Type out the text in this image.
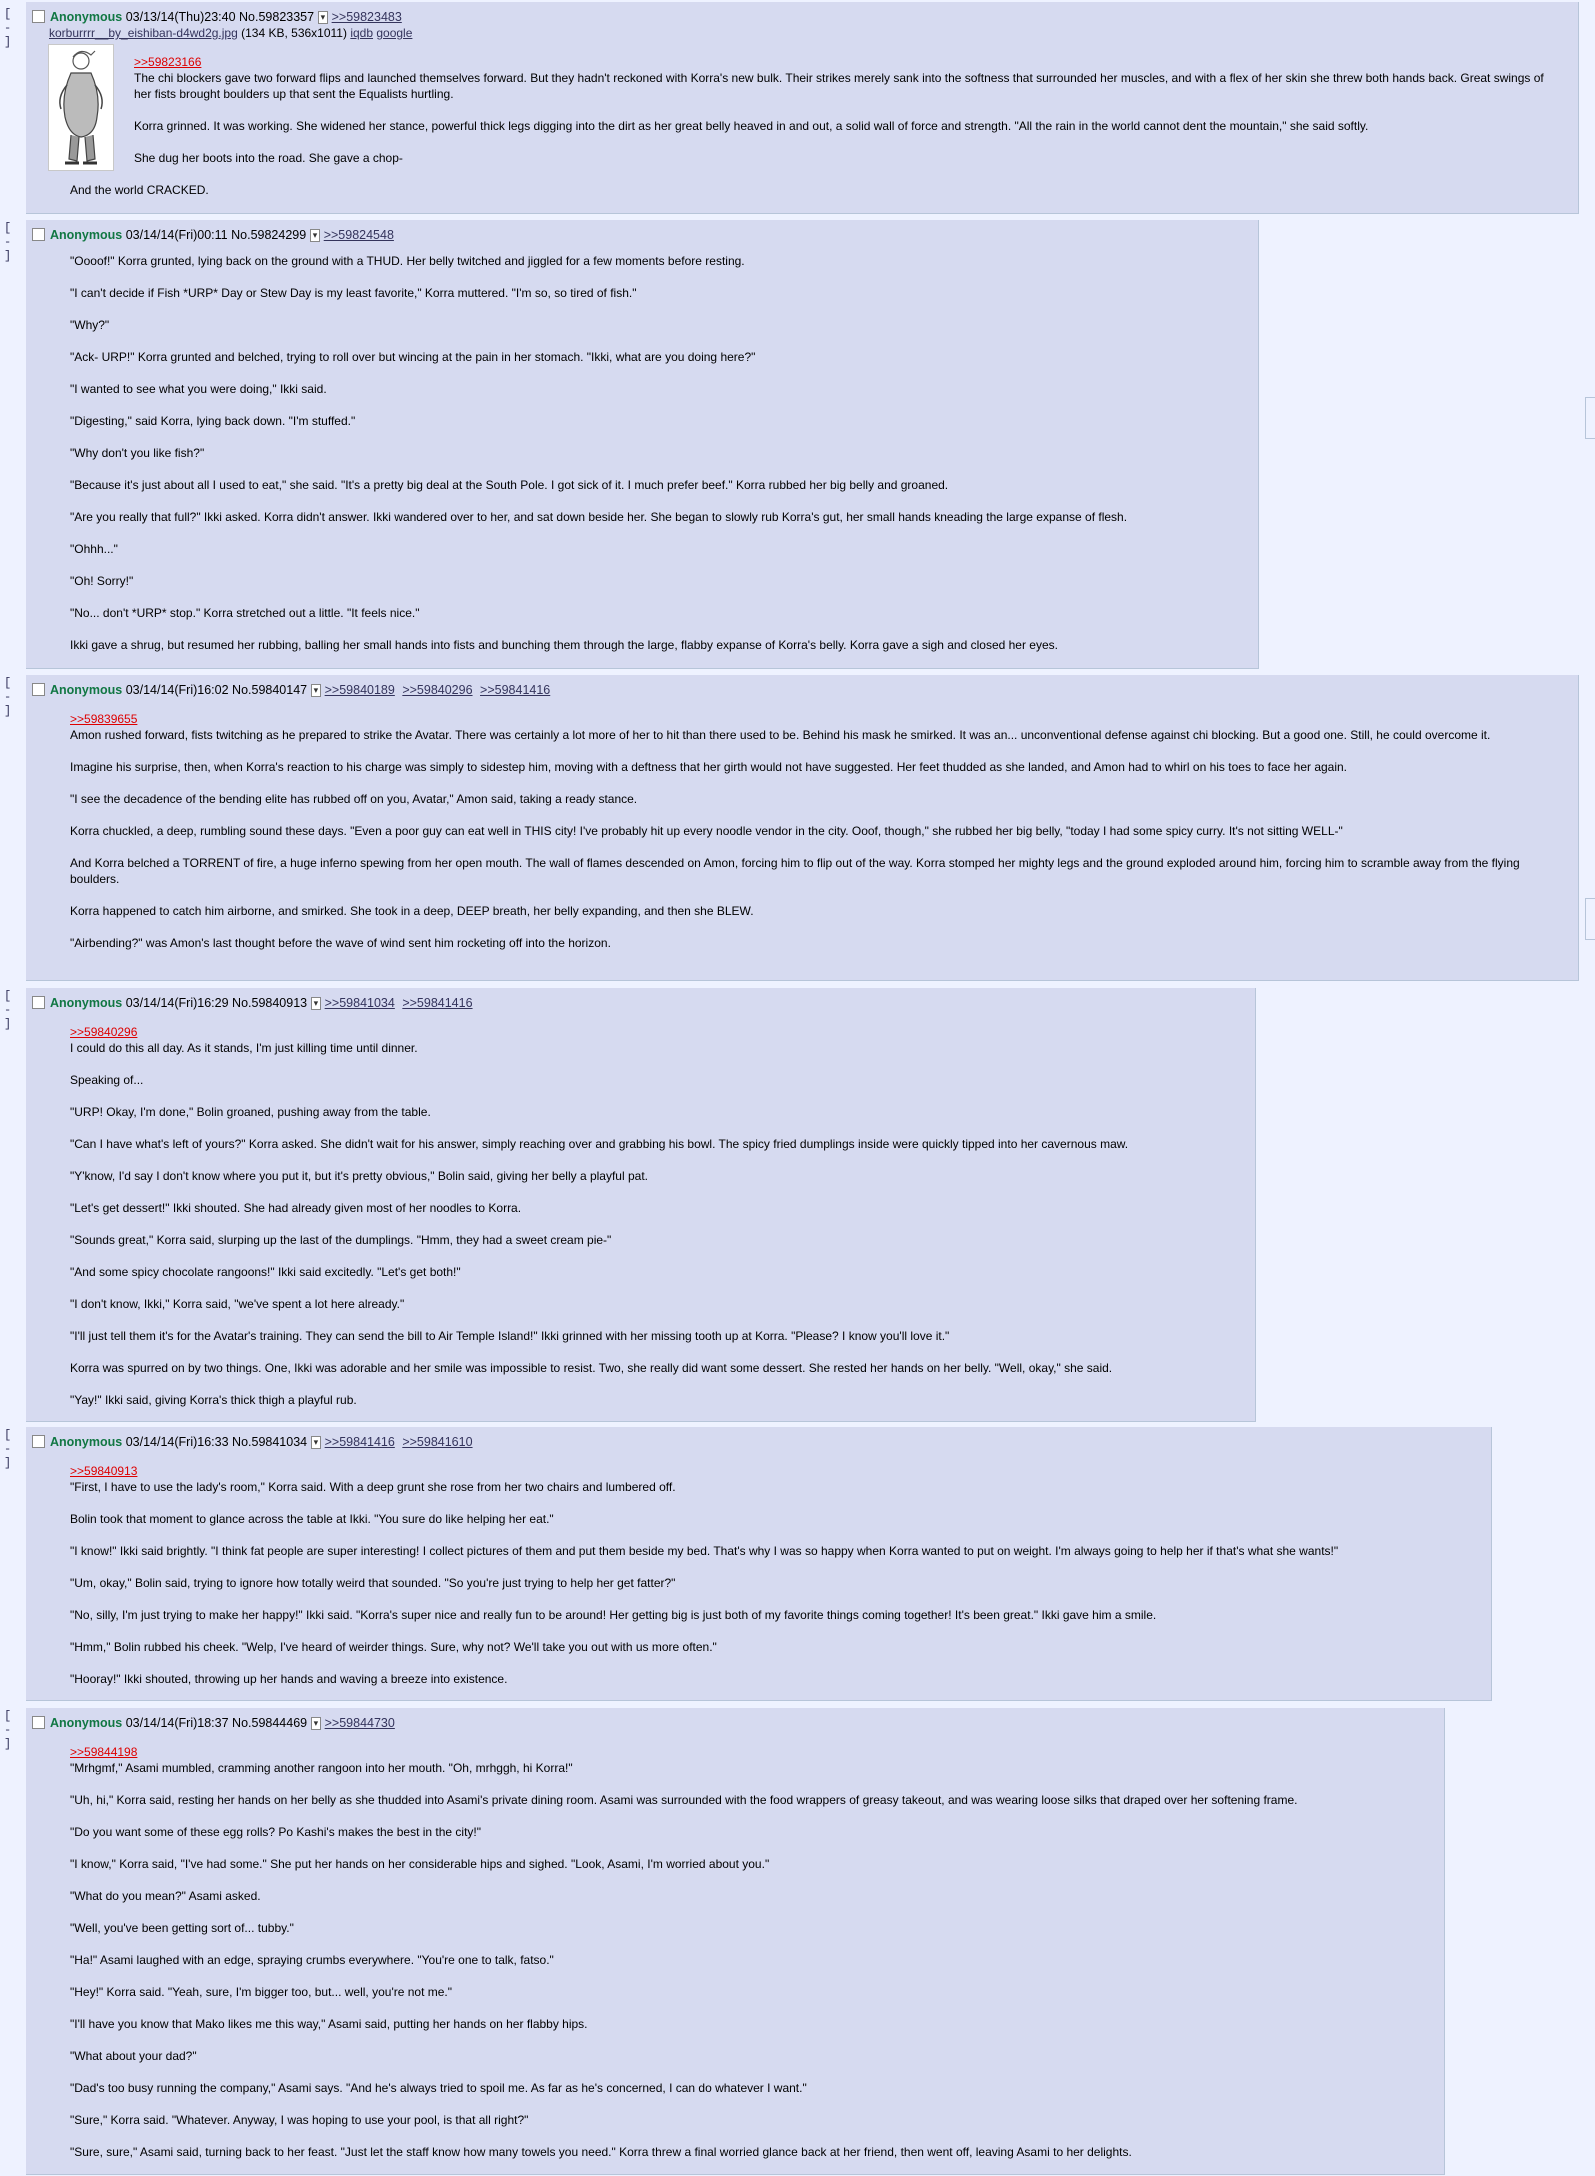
Anonymous 03/13/14(Thu)23:40 No.59823357 ▾ >>59823483
korburrrr__by_eishiban-d4wd2g.jpg (134 KB, 536x1011) iqdb google
>>59823166

The chi blockers gave two forward flips and launched themselves forward. But they hadn't reckoned with Korra's new bulk. Their strikes merely sank into the softness that surrounded her muscles, and with a flex of her skin she threw both hands back. Great swings of her fists brought boulders up that sent the Equalists hurtling.

Korra grinned. It was working. She widened her stance, powerful thick legs digging into the dirt as her great belly heaved in and out, a solid wall of force and strength. "All the rain in the world cannot dent the mountain," she said softly.

She dug her boots into the road. She gave a chop-

And the world CRACKED.

[ - ]
Anonymous 03/14/14(Fri)00:11 No.59824299 ▾ >>59824548

"Oooof!" Korra grunted, lying back on the ground with a THUD. Her belly twitched and jiggled for a few moments before resting.

"I can't decide if Fish *URP* Day or Stew Day is my least favorite," Korra muttered. "I'm so, so tired of fish."

"Why?"

"Ack- URP!" Korra grunted and belched, trying to roll over but wincing at the pain in her stomach. "Ikki, what are you doing here?"

"I wanted to see what you were doing," Ikki said.

"Digesting," said Korra, lying back down. "I'm stuffed."

"Why don't you like fish?"

"Because it's just about all I used to eat," she said. "It's a pretty big deal at the South Pole. I got sick of it. I much prefer beef." Korra rubbed her big belly and groaned.

"Are you really that full?" Ikki asked. Korra didn't answer. Ikki wandered over to her, and sat down beside her. She began to slowly rub Korra's gut, her small hands kneading the large expanse of flesh.

"Ohhh..."

"Oh! Sorry!"

"No... don't *URP* stop." Korra stretched out a little. "It feels nice."

Ikki gave a shrug, but resumed her rubbing, balling her small hands into fists and bunching them through the large, flabby expanse of Korra's belly. Korra gave a sigh and closed her eyes.

[ - ]
Anonymous 03/14/14(Fri)16:02 No.59840147 ▾ >>59840189 >>59840296 >>59841416
>>59839655

Amon rushed forward, fists twitching as he prepared to strike the Avatar. There was certainly a lot more of her to hit than there used to be. Behind his mask he smirked. It was an... unconventional defense against chi blocking. But a good one. Still, he could overcome it.

Imagine his surprise, then, when Korra's reaction to his charge was simply to sidestep him, moving with a deftness that her girth would not have suggested. Her feet thudded as she landed, and Amon had to whirl on his toes to face her again.

"I see the decadence of the bending elite has rubbed off on you, Avatar," Amon said, taking a ready stance.

Korra chuckled, a deep, rumbling sound these days. "Even a poor guy can eat well in THIS city! I've probably hit up every noodle vendor in the city. Ooof, though," she rubbed her big belly, "today I had some spicy curry. It's not sitting WELL-"

And Korra belched a TORRENT of fire, a huge inferno spewing from her open mouth. The wall of flames descended on Amon, forcing him to flip out of the way. Korra stomped her mighty legs and the ground exploded around him, forcing him to scramble away from the flying boulders.

Korra happened to catch him airborne, and smirked. She took in a deep, DEEP breath, her belly expanding, and then she BLEW.

"Airbending?" was Amon's last thought before the wave of wind sent him rocketing off into the horizon.

[ - ]
Anonymous 03/14/14(Fri)16:29 No.59840913 ▾ >>59841034 >>59841416
>>59840296

I could do this all day. As it stands, I'm just killing time until dinner.

Speaking of...

"URP! Okay, I'm done," Bolin groaned, pushing away from the table.

"Can I have what's left of yours?" Korra asked. She didn't wait for his answer, simply reaching over and grabbing his bowl. The spicy fried dumplings inside were quickly tipped into her cavernous maw.

"Y'know, I'd say I don't know where you put it, but it's pretty obvious," Bolin said, giving her belly a playful pat.

"Let's get dessert!" Ikki shouted. She had already given most of her noodles to Korra.

"Sounds great," Korra said, slurping up the last of the dumplings. "Hmm, they had a sweet cream pie-"

"And some spicy chocolate rangoons!" Ikki said excitedly. "Let's get both!"

"I don't know, Ikki," Korra said, "we've spent a lot here already."

"I'll just tell them it's for the Avatar's training. They can send the bill to Air Temple Island!" Ikki grinned with her missing tooth up at Korra. "Please? I know you'll love it."

Korra was spurred on by two things. One, Ikki was adorable and her smile was impossible to resist. Two, she really did want some dessert. She rested her hands on her belly. "Well, okay," she said.

"Yay!" Ikki said, giving Korra's thick thigh a playful rub.

[ - ]
Anonymous 03/14/14(Fri)16:33 No.59841034 ▾ >>59841416 >>59841610
>>59840913

"First, I have to use the lady's room," Korra said. With a deep grunt she rose from her two chairs and lumbered off.

Bolin took that moment to glance across the table at Ikki. "You sure do like helping her eat."

"I know!" Ikki said brightly. "I think fat people are super interesting! I collect pictures of them and put them beside my bed. That's why I was so happy when Korra wanted to put on weight. I'm always going to help her if that's what she wants!"

"Um, okay," Bolin said, trying to ignore how totally weird that sounded. "So you're just trying to help her get fatter?"

"No, silly, I'm just trying to make her happy!" Ikki said. "Korra's super nice and really fun to be around! Her getting big is just both of my favorite things coming together! It's been great." Ikki gave him a smile.

"Hmm," Bolin rubbed his cheek. "Welp, I've heard of weirder things. Sure, why not? We'll take you out with us more often."

"Hooray!" Ikki shouted, throwing up her hands and waving a breeze into existence.

[ - ]
Anonymous 03/14/14(Fri)18:37 No.59844469 ▾ >>59844730
>>59844198

"Mrhgmf," Asami mumbled, cramming another rangoon into her mouth. "Oh, mrhggh, hi Korra!"

"Uh, hi," Korra said, resting her hands on her belly as she thudded into Asami's private dining room. Asami was surrounded with the food wrappers of greasy takeout, and was wearing loose silks that draped over her softening frame.

"Do you want some of these egg rolls? Po Kashi's makes the best in the city!"

"I know," Korra said, "I've had some." She put her hands on her considerable hips and sighed. "Look, Asami, I'm worried about you."

"What do you mean?" Asami asked.

"Well, you've been getting sort of... tubby."

"Ha!" Asami laughed with an edge, spraying crumbs everywhere. "You're one to talk, fatso."

"Hey!" Korra said. "Yeah, sure, I'm bigger too, but... well, you're not me."

"I'll have you know that Mako likes me this way," Asami said, putting her hands on her flabby hips.

"What about your dad?"

"Dad's too busy running the company," Asami says. "And he's always tried to spoil me. As far as he's concerned, I can do whatever I want."

"Sure," Korra said. "Whatever. Anyway, I was hoping to use your pool, is that all right?"

"Sure, sure," Asami said, turning back to her feast. "Just let the staff know how many towels you need." Korra threw a final worried glance back at her friend, then went off, leaving Asami to her delights.

[ - ]
